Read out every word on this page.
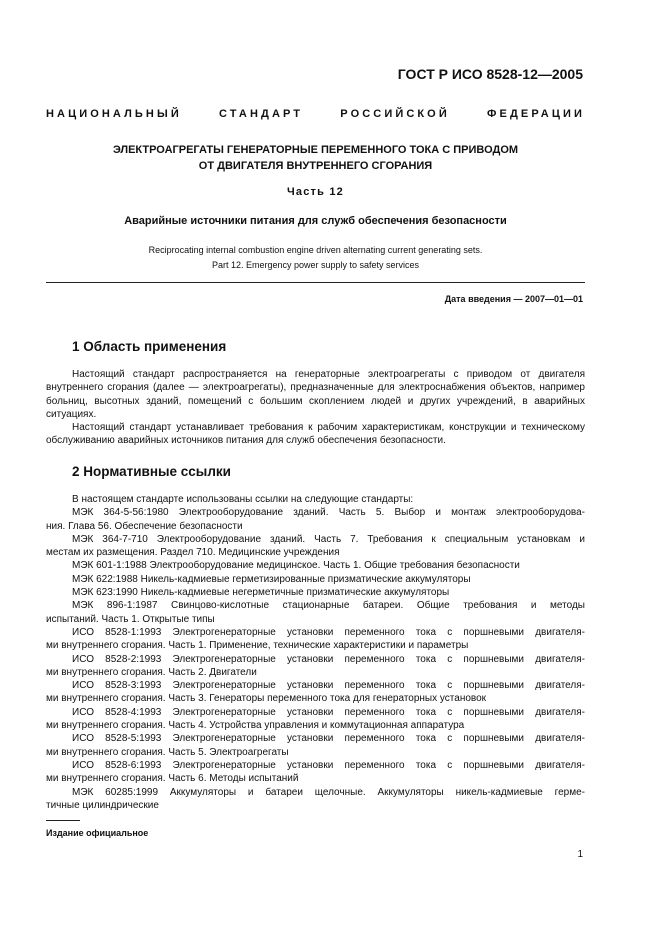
ГОСТ Р ИСО 8528-12—2005
НАЦИОНАЛЬНЫЙ СТАНДАРТ РОССИЙСКОЙ ФЕДЕРАЦИИ
ЭЛЕКТРОАГРЕГАТЫ ГЕНЕРАТОРНЫЕ ПЕРЕМЕННОГО ТОКА С ПРИВОДОМ
ОТ ДВИГАТЕЛЯ ВНУТРЕННЕГО СГОРАНИЯ
Часть 12
Аварийные источники питания для служб обеспечения безопасности
Reciprocating internal combustion engine driven alternating current generating sets.
Part 12. Emergency power supply to safety services
Дата введения — 2007—01—01
1 Область применения

Настоящий стандарт распространяется на генераторные электроагрегаты с приводом от двигателя внутреннего сгорания (далее — электроагрегаты), предназначенные для электроснабжения объектов, например больниц, высотных зданий, помещений с большим скоплением людей и других учреждений, в аварийных ситуациях.

Настоящий стандарт устанавливает требования к рабочим характеристикам, конструкции и техническому обслуживанию аварийных источников питания для служб обеспечения безопасности.

2 Нормативные ссылки
В настоящем стандарте использованы ссылки на следующие стандарты:
МЭК 364-5-56:1980 Электрооборудование зданий. Часть 5. Выбор и монтаж электрооборудова-
ния. Глава 56. Обеспечение безопасности
МЭК 364-7-710 Электрооборудование зданий. Часть 7. Требования к специальным установкам и
местам их размещения. Раздел 710. Медицинские учреждения
МЭК 601-1:1988 Электрооборудование медицинское. Часть 1. Общие требования безопасности
МЭК 622:1988 Никель-кадмиевые герметизированные призматические аккумуляторы
МЭК 623:1990 Никель-кадмиевые негерметичные призматические аккумуляторы
МЭК 896-1:1987 Свинцово-кислотные стационарные батареи. Общие требования и методы
испытаний. Часть 1. Открытые типы
ИСО 8528-1:1993 Электрогенераторные установки переменного тока с поршневыми двигателя-
ми внутреннего сгорания. Часть 1. Применение, технические характеристики и параметры
ИСО 8528-2:1993 Электрогенераторные установки переменного тока с поршневыми двигателя-
ми внутреннего сгорания. Часть 2. Двигатели
ИСО 8528-3:1993 Электрогенераторные установки переменного тока с поршневыми двигателя-
ми внутреннего сгорания. Часть 3. Генераторы переменного тока для генераторных установок
ИСО 8528-4:1993 Электрогенераторные установки переменного тока с поршневыми двигателя-
ми внутреннего сгорания. Часть 4. Устройства управления и коммутационная аппаратура
ИСО 8528-5:1993 Электрогенераторные установки переменного тока с поршневыми двигателя-
ми внутреннего сгорания. Часть 5. Электроагрегаты
ИСО 8528-6:1993 Электрогенераторные установки переменного тока с поршневыми двигателя-
ми внутреннего сгорания. Часть 6. Методы испытаний
МЭК 60285:1999 Аккумуляторы и батареи щелочные. Аккумуляторы никель-кадмиевые герме-
тичные цилиндрические
Издание официальное
1
